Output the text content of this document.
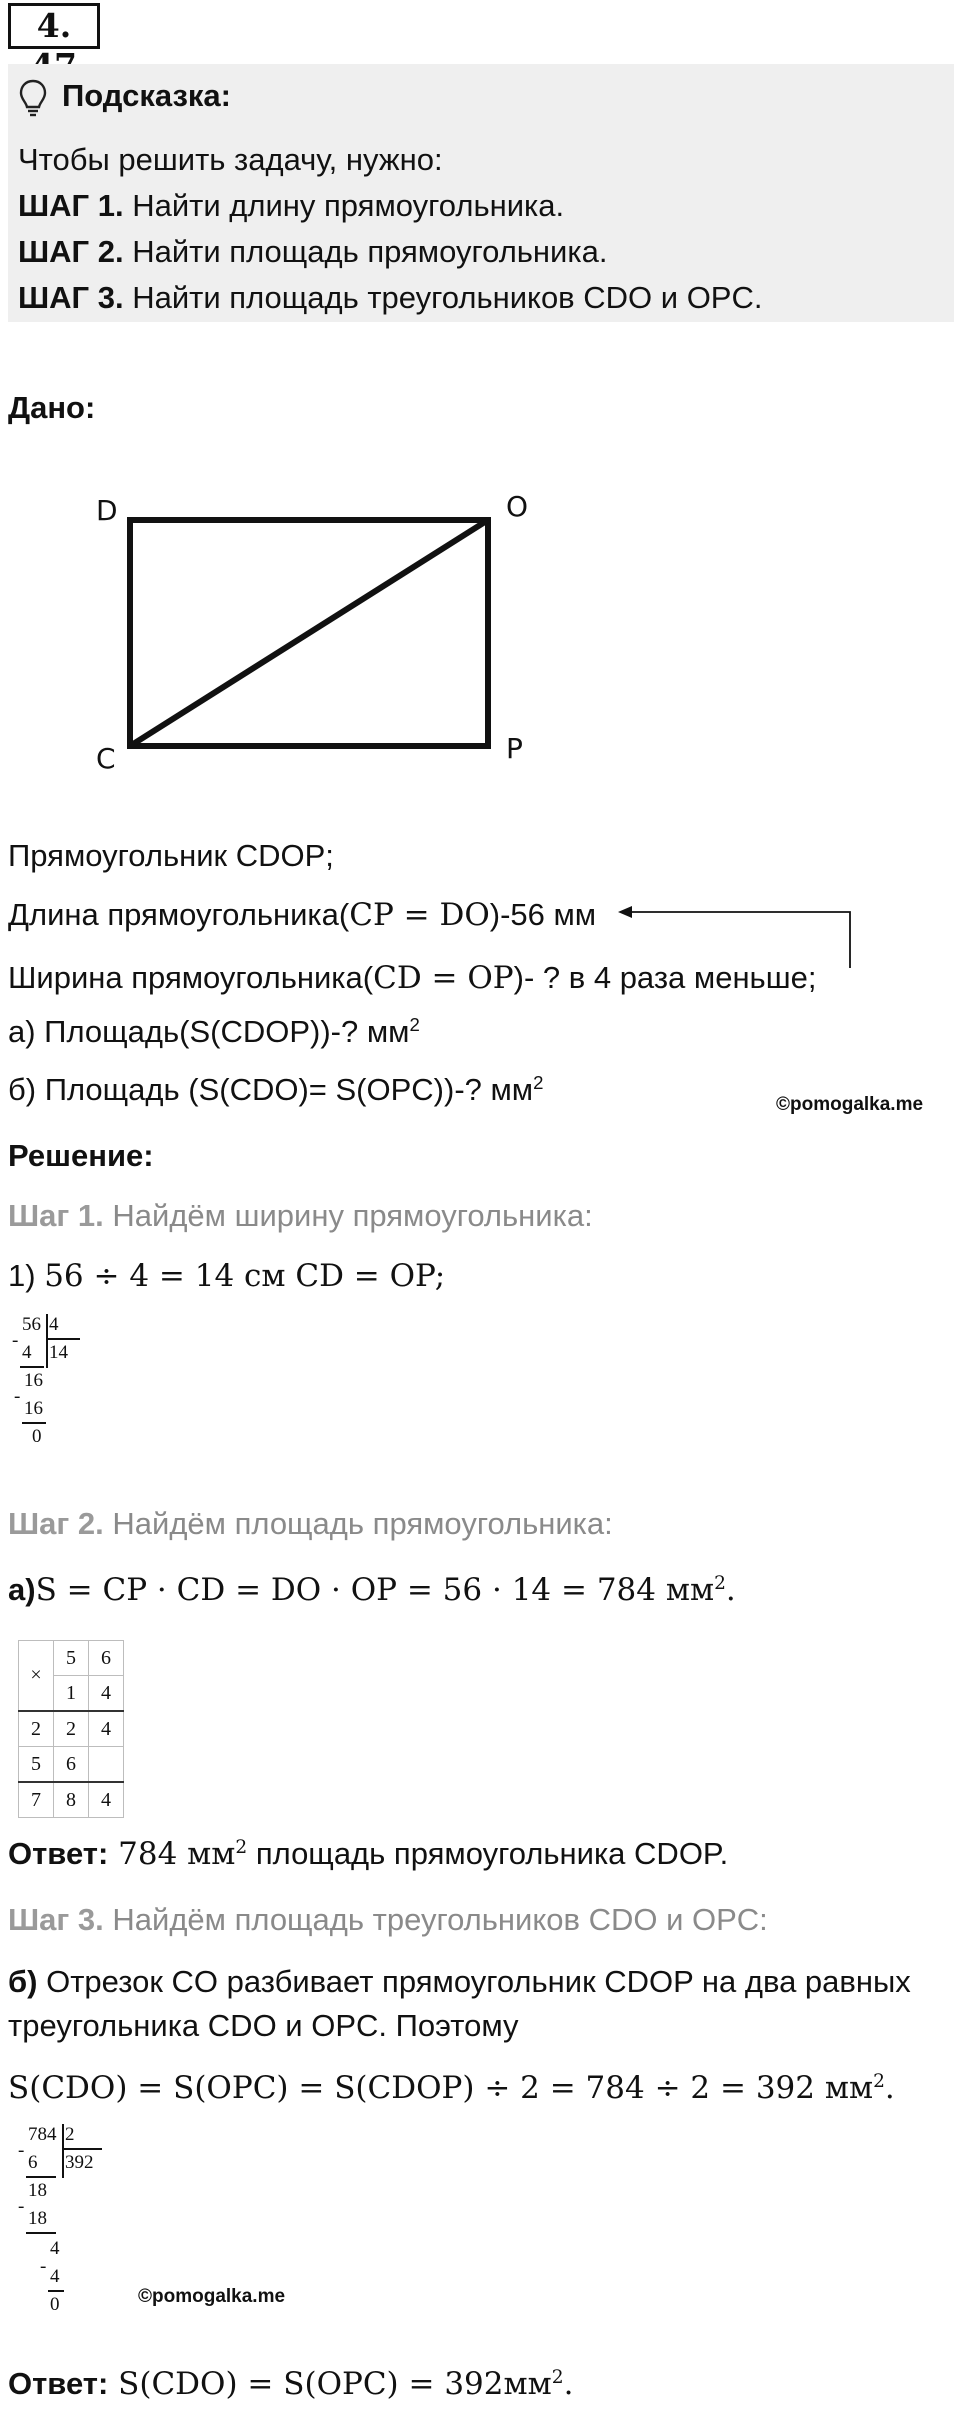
4.
Подсказка:
Чтобы решить задачу, нужно:
ШАГ 1. Найти длину прямоугольника.
ШАГ 2. Найти площадь прямоугольника.
ШАГ 3. Найти площадь треугольников CDO и OPC.
Дано:
D	O
C	P
Прямоугольник CDOP;
Длина прямоугольника(CP = DO)-56 мм
Ширина прямоугольника(CD = OP)- ? в 4 раза меньше;
а) Площадь(S(CDOP))-? $мм^2$
б) Площадь (S(CDO)= S(OPC))-? $мм^2$
©pomogalka.me
Решение:
Шаг 1. Найдём ширину прямоугольника:
1) 56 ÷ 4 = 14 см CD = OP;
56 4
14
-
4
16
-
16
0
Шаг 2. Найдём площадь прямоугольника:
а)S = CP · CD = DO · OP = 56 · 14 = 784 $мм^2$.
×	5	6
	1	4
2	2	4
5	6	
7	8	4
Ответ: 784 $мм^2$ площадь прямоугольника CDOP.
Шаг 3. Найдём площадь треугольников CDO и OPC:
б) Отрезок CO разбивает прямоугольник CDOP на два равных
треугольника CDO и OPC. Поэтому
S(CDO) = S(OPC) = S(CDOP) ÷ 2 = 784 ÷ 2 = 392 $мм^2$.
784 2
392
-
6
18
-
18
4
- 4
0	©pomogalka.me
Ответ: $S(CDO) = S(OPC) = 392мм^2$.
